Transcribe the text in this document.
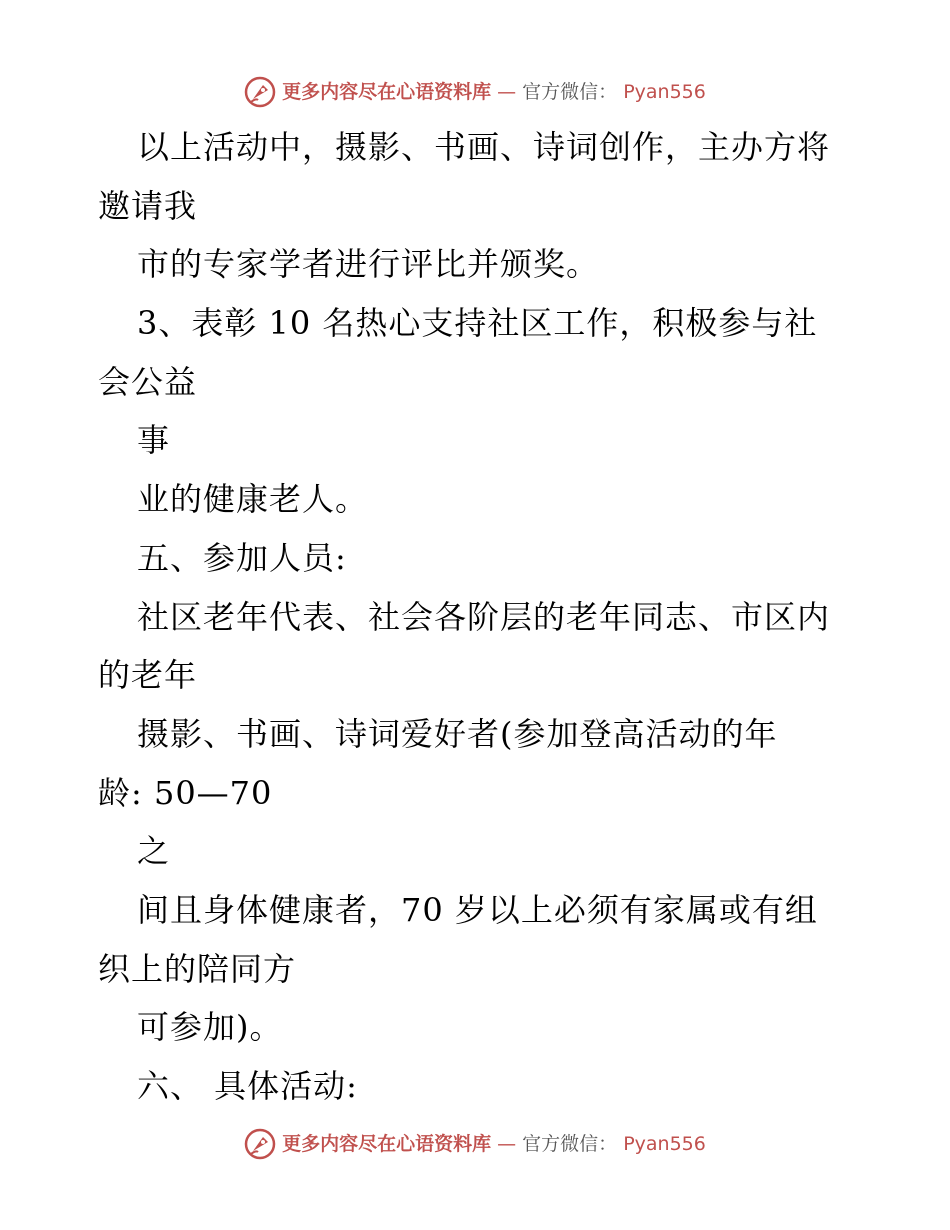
更多内容尽在心语资料库 — 官方微信： Pyan556
以上活动中，摄影、书画、诗词创作，主办方将
邀请我
市的专家学者进行评比并颁奖。
3、表彰 10 名热心支持社区工作，积极参与社
会公益
事
业的健康老人。
五、参加人员:
社区老年代表、社会各阶层的老年同志、市区内
的老年
摄影、书画、诗词爱好者(参加登高活动的年
龄: 50—70
之
间且身体健康者，70 岁以上必须有家属或有组
织上的陪同方
可参加)。
六、 具体活动:
更多内容尽在心语资料库 — 官方微信： Pyan556
